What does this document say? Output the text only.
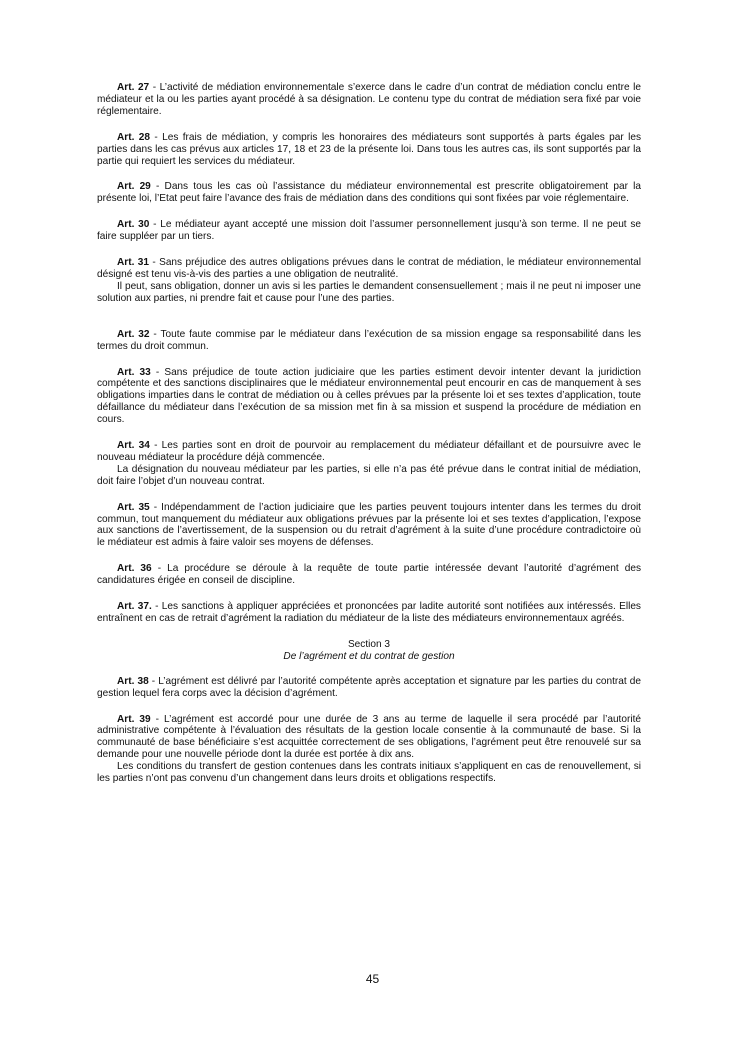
Art. 27 - L’activité de médiation environnementale s’exerce dans le cadre d’un contrat de médiation conclu entre le médiateur et la ou les parties ayant procédé à sa désignation. Le contenu type du contrat de médiation sera fixé par voie réglementaire.

Art. 28 - Les frais de médiation, y compris les honoraires des médiateurs sont supportés à parts égales par les parties dans les cas prévus aux articles 17, 18 et 23 de la présente loi. Dans tous les autres cas, ils sont supportés par la partie qui requiert les services du médiateur.

Art. 29 - Dans tous les cas où l’assistance du médiateur environnemental est prescrite obligatoirement par la présente loi, l’Etat peut faire l’avance des frais de médiation dans des conditions qui sont fixées par voie réglementaire.

Art. 30 - Le médiateur ayant accepté une mission doit l’assumer personnellement jusqu’à son terme. Il ne peut se faire suppléer par un tiers.

Art. 31 - Sans préjudice des autres obligations prévues dans le contrat de médiation, le médiateur environnemental désigné est tenu vis-à-vis des parties a une obligation de neutralité.

Il peut, sans obligation, donner un avis si les parties le demandent consensuellement ; mais il ne peut ni imposer une solution aux parties, ni prendre fait et cause pour l’une des parties.

Art. 32 - Toute faute commise par le médiateur dans l’exécution de sa mission engage sa responsabilité dans les termes du droit commun.

Art. 33 - Sans préjudice de toute action judiciaire que les parties estiment devoir intenter devant la juridiction compétente et des sanctions disciplinaires que le médiateur environnemental peut encourir en cas de manquement à ses obligations imparties dans le contrat de médiation ou à celles prévues par la présente loi et ses textes d’application, toute défaillance du médiateur dans l’exécution de sa mission met fin à sa mission et suspend la procédure de médiation en cours.

Art. 34 - Les parties sont en droit de pourvoir au remplacement du médiateur défaillant et de poursuivre avec le nouveau médiateur la procédure déjà commencée.

La désignation du nouveau médiateur par les parties, si elle n’a pas été prévue dans le contrat initial de médiation, doit faire l’objet d’un nouveau contrat.

Art. 35 - Indépendamment de l’action judiciaire que les parties peuvent toujours intenter dans les termes du droit commun, tout manquement du médiateur aux obligations prévues par la présente loi et ses textes d’application, l’expose aux sanctions de l’avertissement, de la suspension ou du retrait d’agrément à la suite d’une procédure contradictoire où le médiateur est admis à faire valoir ses moyens de défenses.

Art. 36 - La procédure se déroule à la requête de toute partie intéressée devant l’autorité d’agrément des candidatures érigée en conseil de discipline.

Art. 37. - Les sanctions à appliquer appréciées et prononcées par ladite autorité sont notifiées aux intéressés. Elles entraînent en cas de retrait d’agrément la radiation du médiateur de la liste des médiateurs environnementaux agréés.

Section 3
De l’agrément et du contrat de gestion

Art. 38 - L’agrément est délivré par l’autorité compétente après acceptation et signature par les parties du contrat de gestion lequel fera corps avec la décision d’agrément.

Art. 39 - L’agrément est accordé pour une durée de 3 ans au terme de laquelle il sera procédé par l’autorité administrative compétente à l’évaluation des résultats de la gestion locale consentie à la communauté de base. Si la communauté de base bénéficiaire s’est acquittée correctement de ses obligations, l’agrément peut être renouvelé sur sa demande pour une nouvelle période dont la durée est portée à dix ans.

Les conditions du transfert de gestion contenues dans les contrats initiaux s’appliquent en cas de renouvellement, si les parties n’ont pas convenu d’un changement dans leurs droits et obligations respectifs.

45
